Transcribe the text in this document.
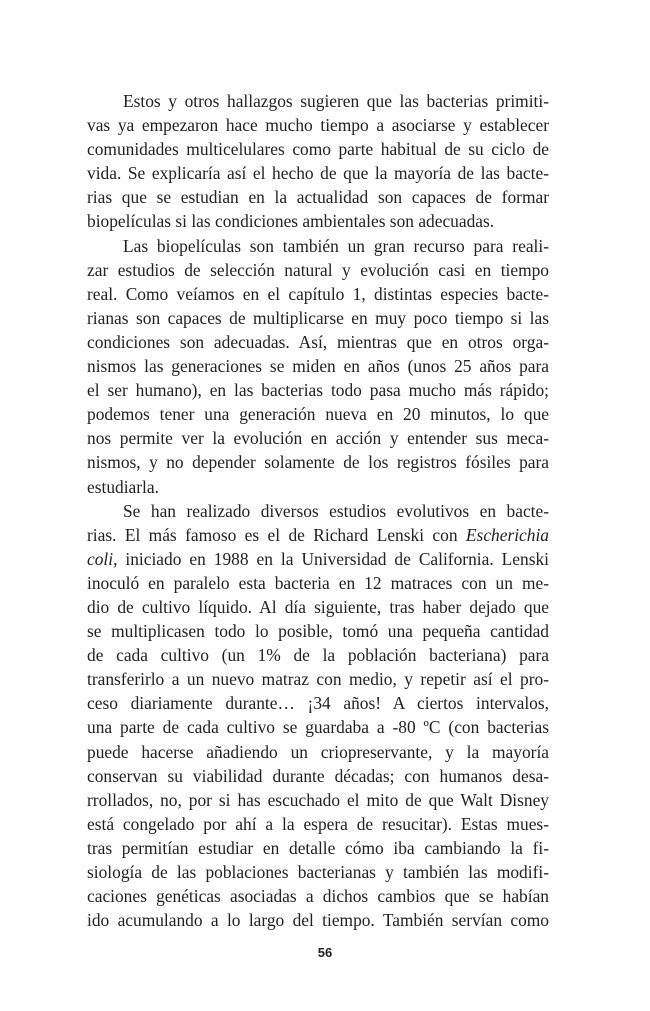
Estos y otros hallazgos sugieren que las bacterias primiti-
vas ya empezaron hace mucho tiempo a asociarse y establecer
comunidades multicelulares como parte habitual de su ciclo de
vida. Se explicaría así el hecho de que la mayoría de las bacte-
rias que se estudian en la actualidad son capaces de formar
biopelículas si las condiciones ambientales son adecuadas.

Las biopelículas son también un gran recurso para reali-
zar estudios de selección natural y evolución casi en tiempo
real. Como veíamos en el capítulo 1, distintas especies bacte-
rianas son capaces de multiplicarse en muy poco tiempo si las
condiciones son adecuadas. Así, mientras que en otros orga-
nismos las generaciones se miden en años (unos 25 años para
el ser humano), en las bacterias todo pasa mucho más rápido;
podemos tener una generación nueva en 20 minutos, lo que
nos permite ver la evolución en acción y entender sus meca-
nismos, y no depender solamente de los registros fósiles para
estudiarla.

Se han realizado diversos estudios evolutivos en bacte-
rias. El más famoso es el de Richard Lenski con Escherichia
coli, iniciado en 1988 en la Universidad de California. Lenski
inoculó en paralelo esta bacteria en 12 matraces con un me-
dio de cultivo líquido. Al día siguiente, tras haber dejado que
se multiplicasen todo lo posible, tomó una pequeña cantidad
de cada cultivo (un 1% de la población bacteriana) para
transferirlo a un nuevo matraz con medio, y repetir así el pro-
ceso diariamente durante… ¡34 años! A ciertos intervalos,
una parte de cada cultivo se guardaba a -80 ºC (con bacterias
puede hacerse añadiendo un criopreservante, y la mayoría
conservan su viabilidad durante décadas; con humanos desa-
rrollados, no, por si has escuchado el mito de que Walt Disney
está congelado por ahí a la espera de resucitar). Estas mues-
tras permitían estudiar en detalle cómo iba cambiando la fi-
siología de las poblaciones bacterianas y también las modifi-
caciones genéticas asociadas a dichos cambios que se habían
ido acumulando a lo largo del tiempo. También servían como

56
